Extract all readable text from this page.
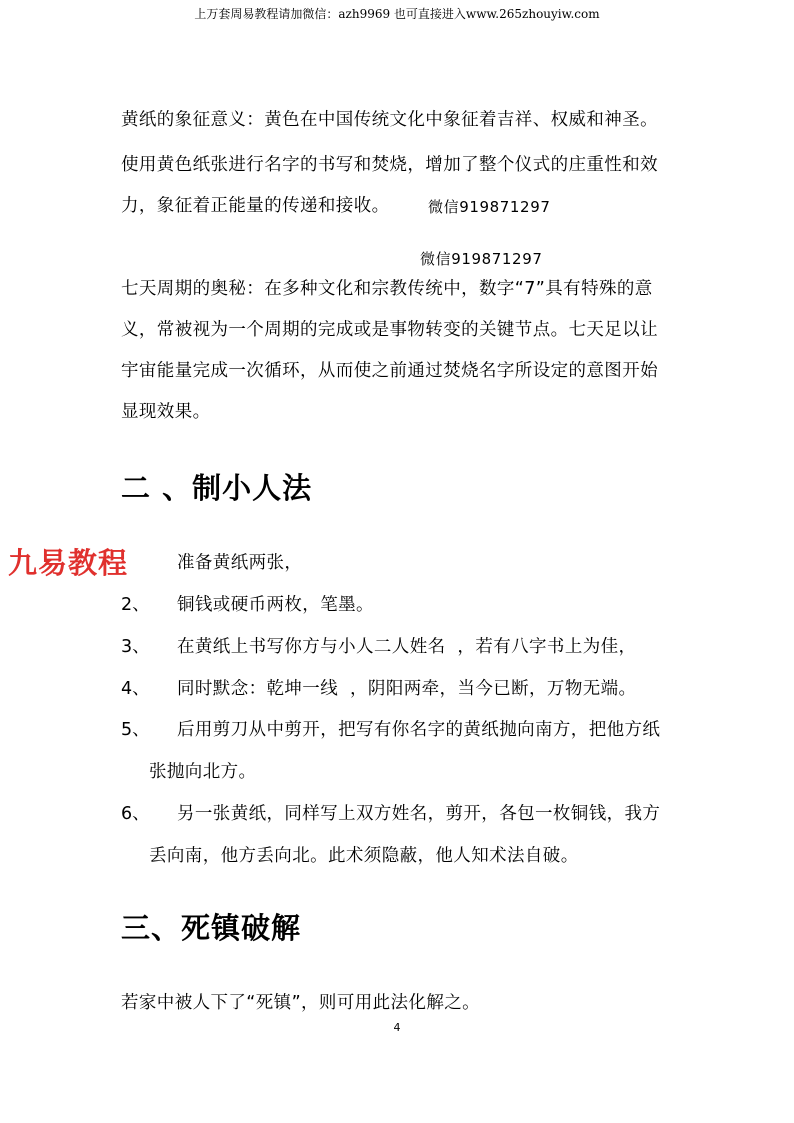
上万套周易教程请加微信：azh9969 也可直接进入www.265zhouyiw.com
黄纸的象征意义：黄色在中国传统文化中象征着吉祥、权威和神圣。
使用黄色纸张进行名字的书写和焚烧，增加了整个仪式的庄重性和效
力，象征着正能量的传递和接收。	微信919871297
微信919871297
七天周期的奥秘：在多种文化和宗教传统中，数字“7”具有特殊的意
义，常被视为一个周期的完成或是事物转变的关键节点。七天足以让
宇宙能量完成一次循环，从而使之前通过焚烧名字所设定的意图开始
显现效果。
二 、制小人法
九易教程	准备黄纸两张，
2、 铜钱或硬币两枚，笔墨。
3、 在黄纸上书写你方与小人二人姓名  ，若有八字书上为佳，
4、 同时默念：乾坤一线  ，阴阳两牵，当今已断，万物无端。
5、 后用剪刀从中剪开，把写有你名字的黄纸抛向南方，把他方纸
张抛向北方。
6、 另一张黄纸，同样写上双方姓名，剪开，各包一枚铜钱，我方
丢向南，他方丢向北。此术须隐蔽，他人知术法自破。
三、死镇破解
若家中被人下了“死镇”，则可用此法化解之。
4
